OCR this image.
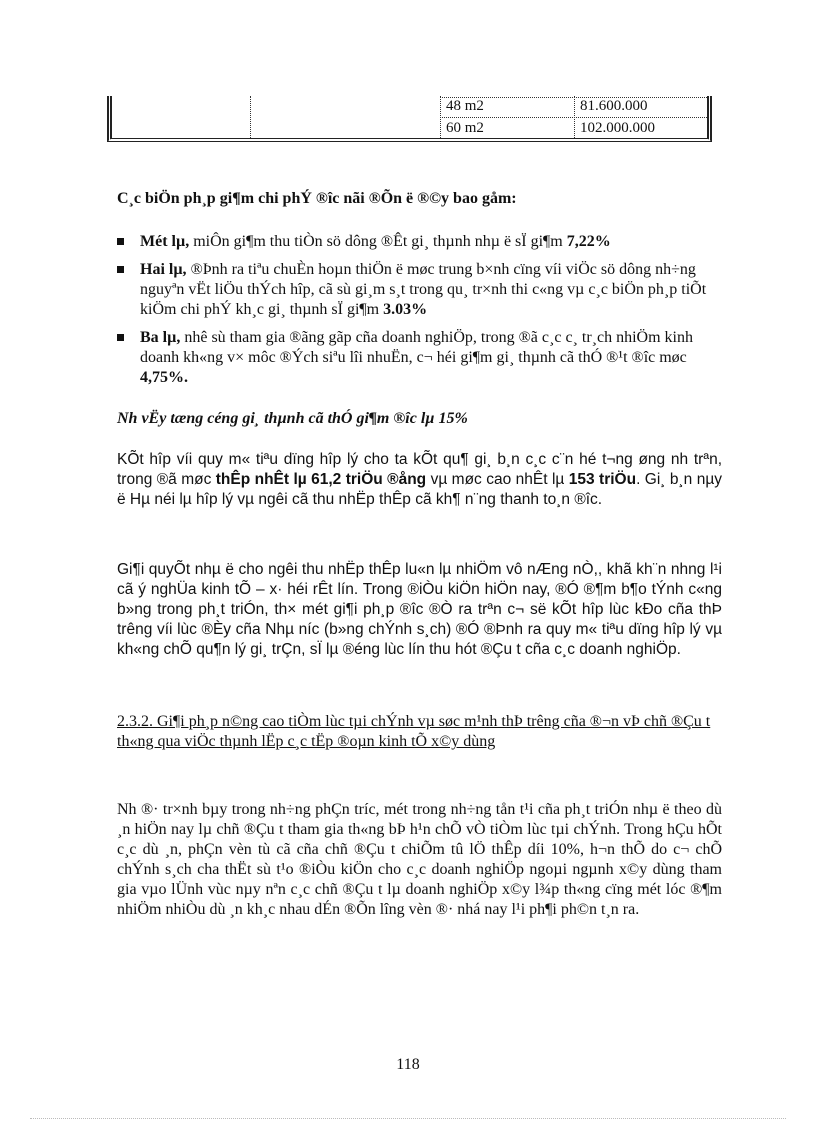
48 m2	81.600.000
60 m2	102.000.000
C¸c biÖn ph¸p gi¶m chi phÝ ®îc nãi ®Õn ë ®©y bao gåm:
Mét lµ, miÔn gi¶m thu tiÒn sö dông ®Êt gi¸ thµnh nhµ ë sÏ gi¶m 7,22%
Hai lµ, ®Þnh ra tiªu chuÈn hoµn thiÖn ë møc trung b×nh cïng víi viÖc sö dông nh÷ng nguyªn vËt liÖu thÝch hîp, cã sù gi¸m s¸t trong qu¸ tr×nh thi c«ng vµ c¸c biÖn ph¸p tiÕt kiÖm chi phÝ kh¸c gi¸ thµnh sÏ gi¶m 3.03%
Ba lµ, nhê sù tham gia ®ãng gãp cña doanh nghiÖp, trong ®ã c¸c c¸ tr¸ch nhiÖm kinh doanh kh«ng v× môc ®Ých siªu lîi nhuËn, c¬ héi gi¶m gi¸ thµnh cã thÓ ®¹t ®îc møc 4,75%.
Nh vËy tæng céng gi¸ thµnh cã thÓ gi¶m ®îc lµ 15%

KÕt hîp víi quy m« tiªu dïng hîp lý cho ta kÕt qu¶ gi¸ b¸n c¸c c¨n hé t¬ng øng nh trªn, trong ®ã møc thÊp nhÊt lµ 61,2 triÖu ®ång vµ møc cao nhÊt lµ 153 triÖu. Gi¸ b¸n nµy ë Hµ néi lµ hîp lý vµ ngêi cã thu nhËp thÊp cã kh¶ n¨ng thanh to¸n ®îc.

Gi¶i quyÕt nhµ ë cho ngêi thu nhËp thÊp lu«n lµ nhiÖm vô nÆng nÒ,, khã kh¨n nhng l¹i cã ý nghÜa kinh tÕ – x· héi rÊt lín. Trong ®iÒu kiÖn hiÖn nay, ®Ó ®¶m b¶o tÝnh c«ng b»ng trong ph¸t triÓn, th× mét gi¶i ph¸p ®îc ®Ò ra trªn c¬ së kÕt hîp lùc kÐo cña thÞ trêng víi lùc ®Èy cña Nhµ níc (b»ng chÝnh s¸ch) ®Ó ®Þnh ra quy m« tiªu dïng hîp lý vµ kh«ng chÕ qu¶n lý gi¸ trÇn, sÏ lµ ®éng lùc lín thu hót ®Çu t cña c¸c doanh nghiÖp.

2.3.2. Gi¶i ph¸p n©ng cao tiÒm lùc tµi chÝnh vµ søc m¹nh thÞ trêng cña ®¬n vÞ chñ ®Çu t th«ng qua viÖc thµnh lËp c¸c tËp ®oµn kinh tÕ x©y dùng

Nh ®· tr×nh bµy trong nh÷ng phÇn tríc, mét trong nh÷ng tån t¹i cña ph¸t triÓn nhµ ë theo dù ¸n hiÖn nay lµ chñ ®Çu t tham gia th«ng bÞ h¹n chÕ vÒ tiÒm lùc tµi chÝnh. Trong hÇu hÕt c¸c dù ¸n, phÇn vèn tù cã cña chñ ®Çu t chiÕm tû lÖ thÊp díi 10%, h¬n thÕ do c¬ chÕ chÝnh s¸ch cha thËt sù t¹o ®iÒu kiÖn cho c¸c doanh nghiÖp ngoµi ngµnh x©y dùng tham gia vµo lÜnh vùc nµy nªn c¸c chñ ®Çu t lµ doanh nghiÖp x©y l¾p th«ng cïng mét lóc ®¶m nhiÖm nhiÒu dù ¸n kh¸c nhau dÉn ®Õn lîng vèn ®· nhá nay l¹i ph¶i ph©n t¸n ra.

118
